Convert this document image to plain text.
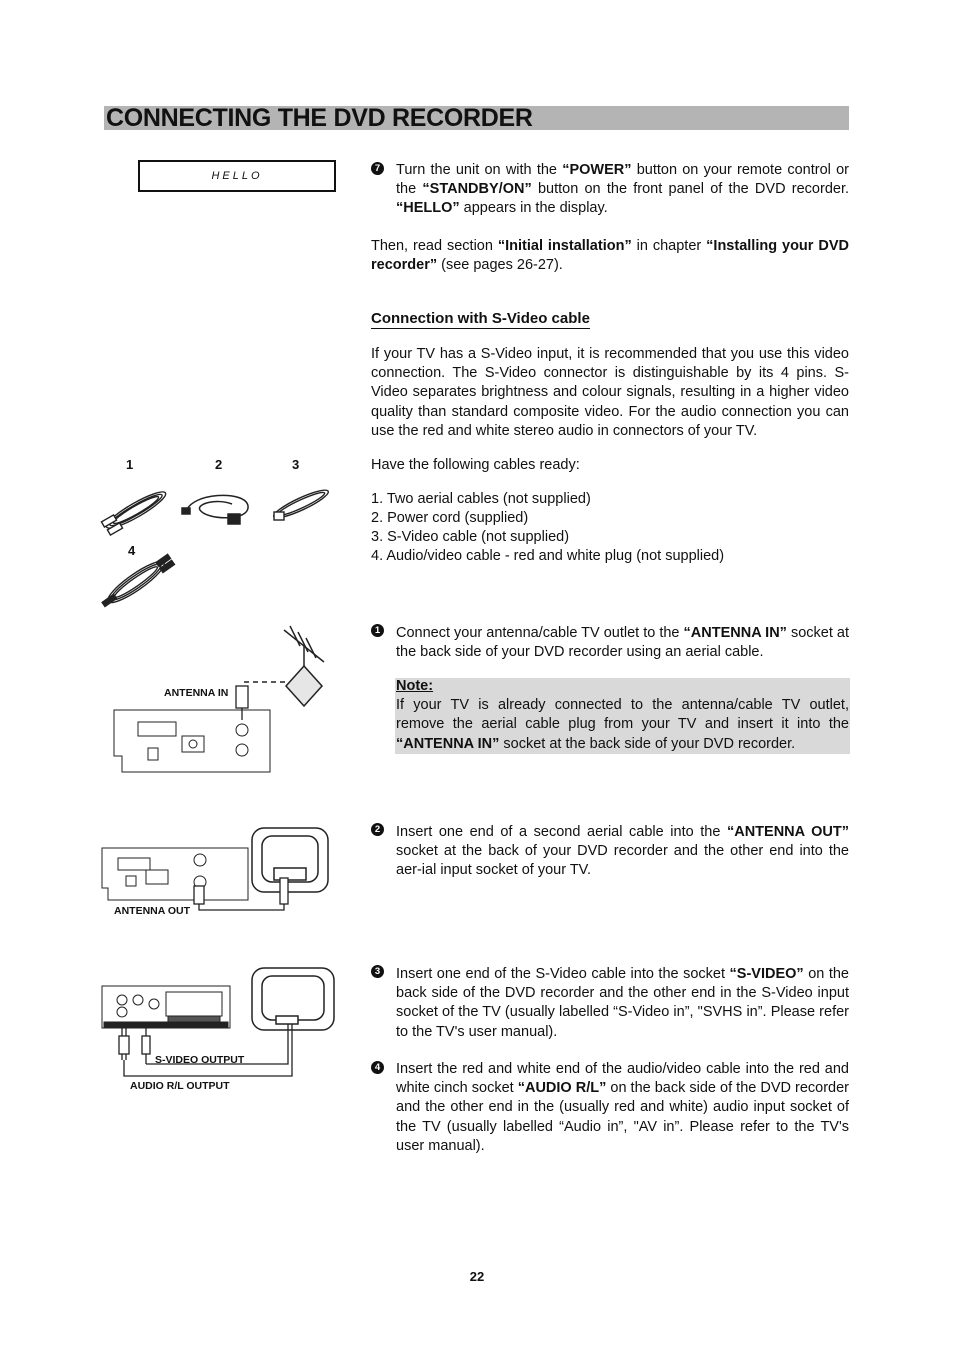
CONNECTING THE DVD RECORDER
HELLO
7 Turn the unit on with the “POWER” button on your remote control or the “STANDBY/ON” button on the front panel of the DVD recorder. “HELLO” appears in the display.

Then, read section “Initial installation” in chapter “Installing your DVD recorder” (see pages 26-27).

Connection with S-Video cable

If your TV has a S-Video input, it is recommended that you use this video connection. The S-Video connector is distinguishable by its 4 pins. S-Video separates brightness and colour signals, resulting in a higher video quality than standard composite video. For the audio connection you can use the red and white stereo audio in connectors of your TV.

Have the following cables ready:

1. Two aerial cables (not supplied)
2. Power cord (supplied)
3. S-Video cable (not supplied)
4. Audio/video cable - red and white plug (not supplied)
1	2	3
4
1 Connect your antenna/cable TV outlet to the “ANTENNA IN” socket at the back side of your DVD recorder using an aerial cable.

Note:
If your TV is already connected to the antenna/cable TV outlet, remove the aerial cable plug from your TV and insert it into the “ANTENNA IN” socket at the back side of your DVD recorder.

ANTENNA IN
2 Insert one end of a second aerial cable into the “ANTENNA OUT” socket at the back of your DVD recorder and the other end into the aer-ial input socket of your TV.

ANTENNA OUT
3 Insert one end of the S-Video cable into the socket “S-VIDEO” on the back side of the DVD recorder and the other end in the S-Video input socket of the TV (usually labelled “S-Video in”, "SVHS in”. Please refer to the TV's user manual).

4 Insert the red and white end of the audio/video cable into the red and white cinch socket “AUDIO R/L” on the back side of the DVD recorder and the other end in the (usually red and white) audio input socket of the TV (usually labelled “Audio in”, "AV in”. Please refer to the TV's user manual).

S-VIDEO OUTPUT
AUDIO R/L OUTPUT
22
